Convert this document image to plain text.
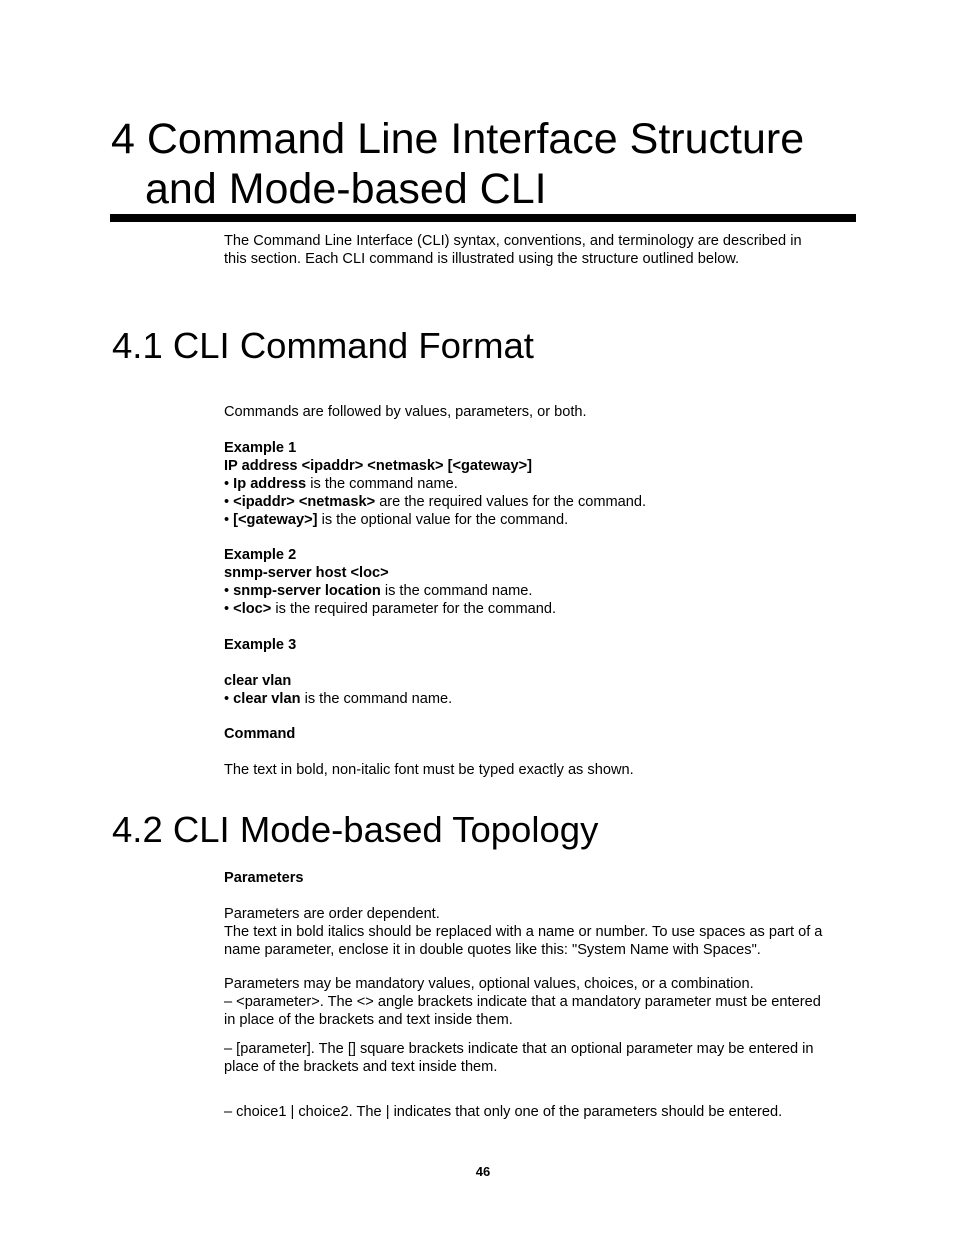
4 Command Line Interface Structure
and Mode-based CLI

The Command Line Interface (CLI) syntax, conventions, and terminology are described in
this section. Each CLI command is illustrated using the structure outlined below.

4.1 CLI Command Format

Commands are followed by values, parameters, or both.

Example 1
IP address <ipaddr> <netmask> [<gateway>]
• Ip address is the command name.
• <ipaddr> <netmask> are the required values for the command.
• [<gateway>] is the optional value for the command.
Example 2
snmp-server host <loc>
• snmp-server location is the command name.
• <loc> is the required parameter for the command.
Example 3
clear vlan
• clear vlan is the command name.
Command

The text in bold, non-italic font must be typed exactly as shown.

4.2 CLI Mode-based Topology
Parameters

Parameters are order dependent.
The text in bold italics should be replaced with a name or number. To use spaces as part of a
name parameter, enclose it in double quotes like this: "System Name with Spaces".

Parameters may be mandatory values, optional values, choices, or a combination.
– <parameter>. The <> angle brackets indicate that a mandatory parameter must be entered
in place of the brackets and text inside them.

– [parameter]. The [] square brackets indicate that an optional parameter may be entered in
place of the brackets and text inside them.

– choice1 | choice2. The | indicates that only one of the parameters should be entered.

46
